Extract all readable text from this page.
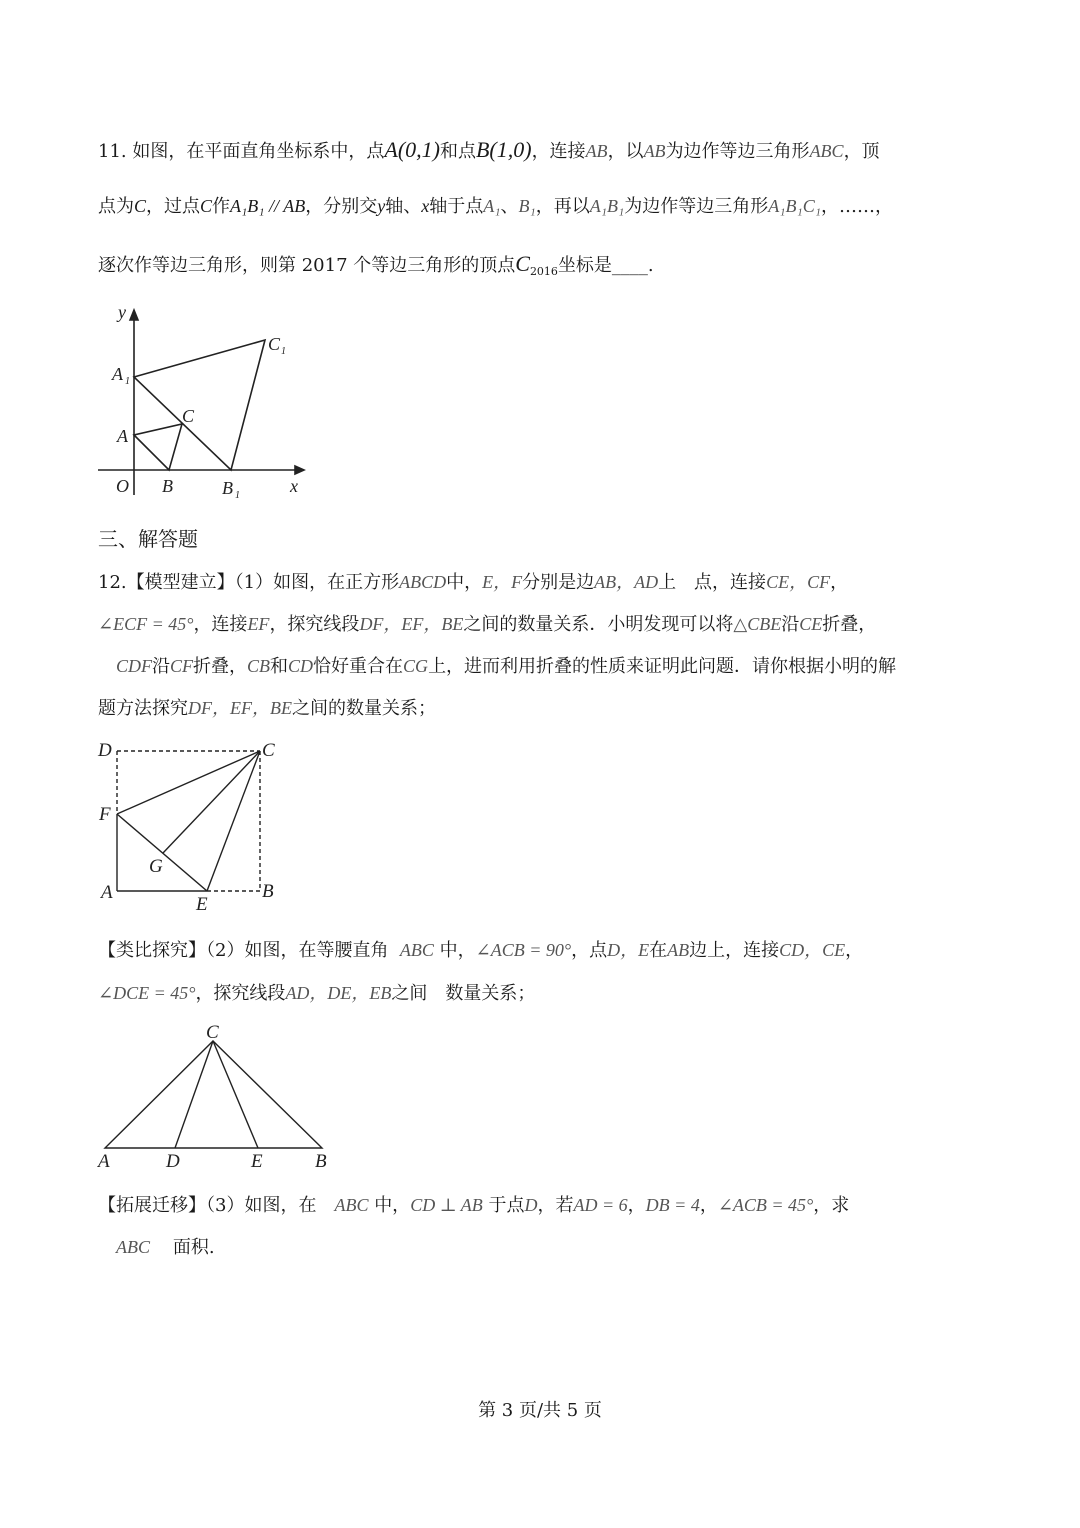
11. 如图，在平面直角坐标系中，点A(0,1)和点B(1,0)，连接AB，以AB为边作等边三角形ABC，顶
点为C，过点C作A₁B₁ // AB，分别交y轴、x轴于点A₁、B₁，再以A₁B₁为边作等边三角形A₁B₁C₁，……，
逐次作等边三角形，则第 2017 个等边三角形的顶点$C_{2016}$坐标是____.
y
x
O
A
B
C
A 1
B 1
C 1
三、解答题
12.【模型建立】（1）如图，在正方形ABCD中，E，F分别是边AB，AD上　点，连接CE，CF，
∠ECF = 45°，连接EF，探究线段DF，EF，BE之间的数量关系．小明发现可以将△CBE沿CE折叠，
CDF沿CF折叠，CB和CD恰好重合在CG上，进而利用折叠的性质来证明此问题．请你根据小明的解
题方法探究DF，EF，BE之间的数量关系；
D	C
F
G
A
E
B
【类比探究】（2）如图，在等腰直角 ABC 中，∠ACB = 90°，点D，E在AB边上，连接CD，CE，
∠DCE = 45°，探究线段AD，DE，EB之间　数量关系；
C
A	D	E	B
【拓展迁移】（3）如图，在　ABC 中，CD ⊥ AB 于点D，若AD = 6，DB = 4，∠ACB = 45°，求
ABC 面积.
第 3 页/共 5 页
